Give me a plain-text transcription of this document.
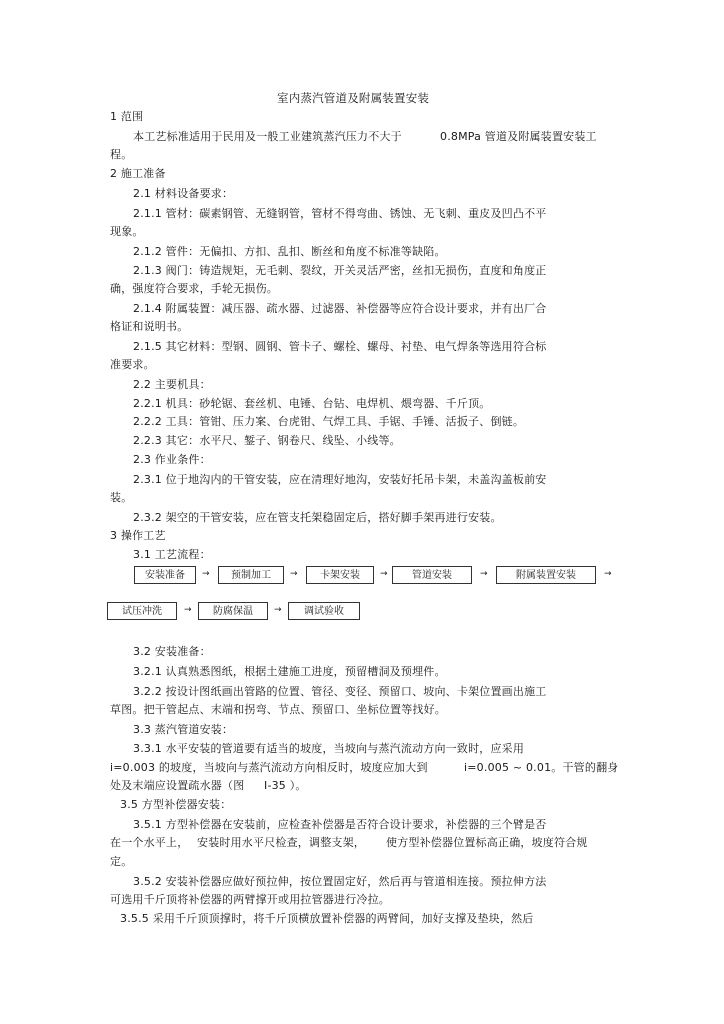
室内蒸汽管道及附属装置安装
1 范围
本工艺标准适用于民用及一般工业建筑蒸汽压力不大于	0.8MPa 管道及附属装置安装工
程。
2 施工准备
2.1 材料设备要求：
2.1.1 管材：碳素钢管、无缝钢管，管材不得弯曲、锈蚀、无飞刺、重皮及凹凸不平
现象。
2.1.2 管件：无偏扣、方扣、乱扣、断丝和角度不标准等缺陷。
2.1.3 阀门：铸造规矩，无毛刺、裂纹，开关灵活严密，丝扣无损伤，直度和角度正
确，强度符合要求，手轮无损伤。
2.1.4 附属装置：减压器、疏水器、过滤器、补偿器等应符合设计要求，并有出厂合
格证和说明书。
2.1.5 其它材料：型钢、圆钢、管卡子、螺栓、螺母、衬垫、电气焊条等选用符合标
准要求。
2.2 主要机具：
2.2.1 机具：砂轮锯、套丝机、电锤、台钻、电焊机、煨弯器、千斤顶。
2.2.2 工具：管钳、压力案、台虎钳、气焊工具、手锯、手锤、活扳子、倒链。
2.2.3 其它：水平尺、錾子、钢卷尺、线坠、小线等。
2.3 作业条件：
2.3.1 位于地沟内的干管安装，应在清理好地沟，安装好托吊卡架，未盖沟盖板前安
装。
2.3.2 架空的干管安装，应在管支托架稳固定后，搭好脚手架再进行安装。
3 操作工艺
3.1 工艺流程：
安装准备	→	预制加工	→	卡架安装	→	管道安装	→	附属装置安装	→
试压冲洗	→	防腐保温	→	调试验收
3.2 安装准备：
3.2.1 认真熟悉图纸，根据土建施工进度，预留槽洞及预埋件。
3.2.2 按设计图纸画出管路的位置、管径、变径、预留口、坡向、卡架位置画出施工
草图。把干管起点、末端和拐弯、节点、预留口、坐标位置等找好。
3.3 蒸汽管道安装：
3.3.1 水平安装的管道要有适当的坡度，当坡向与蒸汽流动方向一致时，应采用
i=0.003 的坡度，当坡向与蒸汽流动方向相反时，坡度应加大到	i=0.005 ~ 0.01。干管的翻身
处及末端应设置疏水器（图 I-35 ）。
3.5 方型补偿器安装：
3.5.1 方型补偿器在安装前，应检查补偿器是否符合设计要求，补偿器的三个臂是否
在一个水平上， 安装时用水平尺检查，调整支架， 使方型补偿器位置标高正确，坡度符合规
定。
3.5.2 安装补偿器应做好预拉伸，按位置固定好，然后再与管道相连接。预拉伸方法
可选用千斤顶将补偿器的两臂撑开或用拉管器进行冷拉。
3.5.5 采用千斤顶顶撑时，将千斤顶横放置补偿器的两臂间，加好支撑及垫块，然后
